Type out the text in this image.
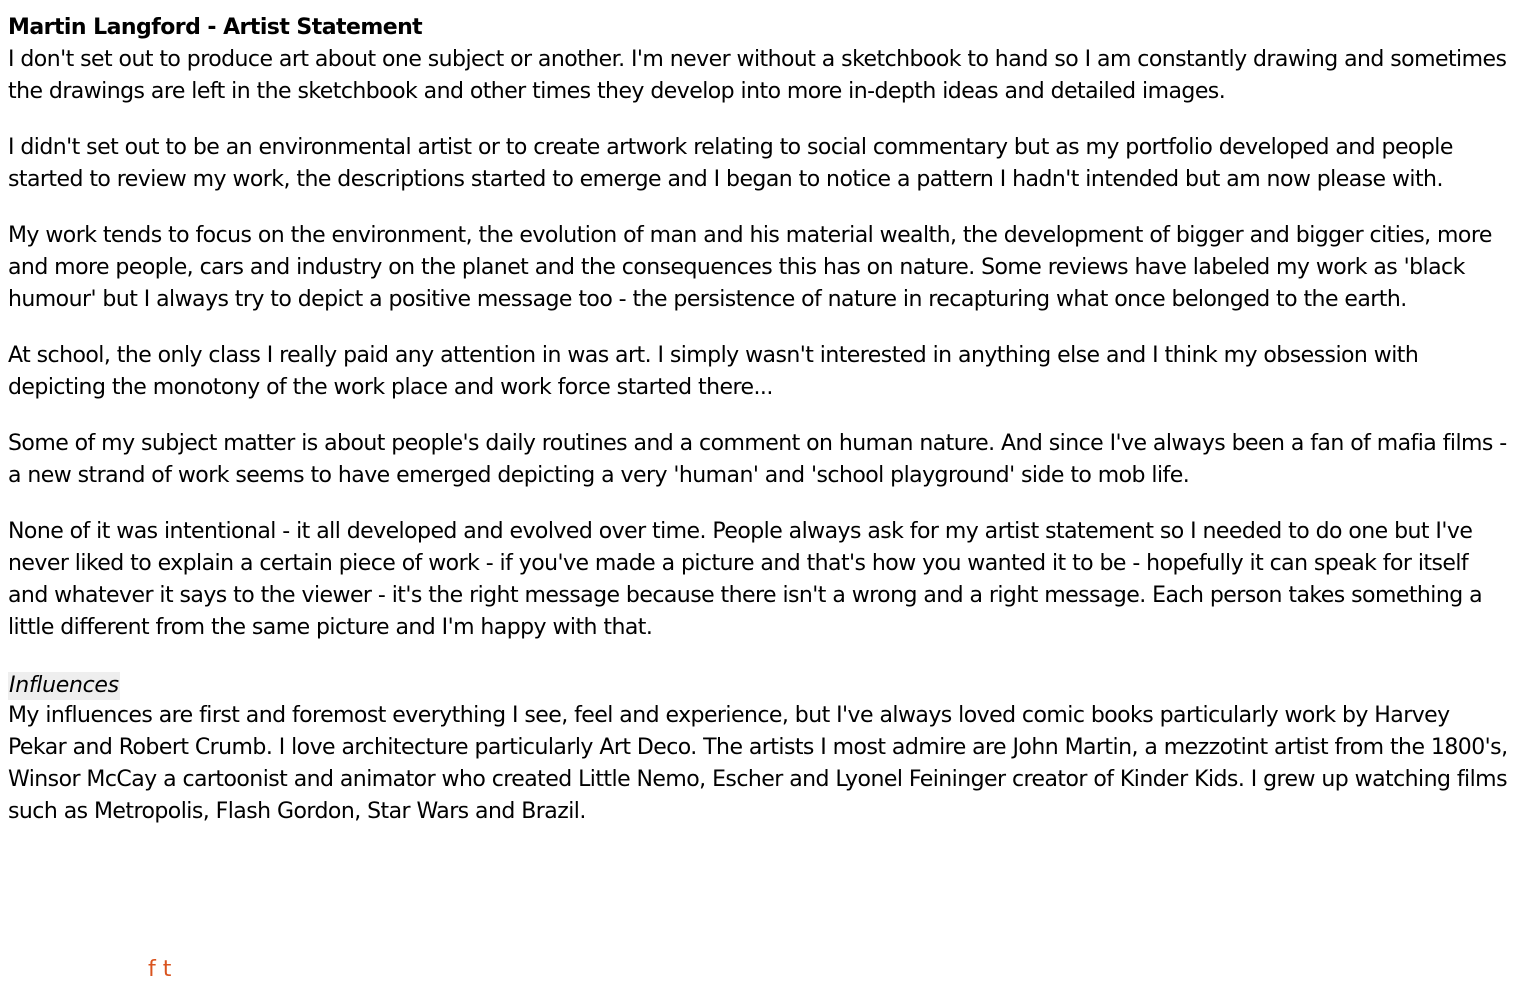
Martin Langford - Artist Statement

I don't set out to produce art about one subject or another. I'm never without a sketchbook to hand so I am constantly drawing and sometimes the drawings are left in the sketchbook and other times they develop into more in-depth ideas and detailed images.

I didn't set out to be an environmental artist or to create artwork relating to social commentary but as my portfolio developed and people started to review my work, the descriptions started to emerge and I began to notice a pattern I hadn't intended but am now please with.

My work tends to focus on the environment, the evolution of man and his material wealth, the development of bigger and bigger cities, more and more people, cars and industry on the planet and the consequences this has on nature. Some reviews have labeled my work as 'black humour' but I always try to depict a positive message too - the persistence of nature in recapturing what once belonged to the earth.

At school, the only class I really paid any attention in was art. I simply wasn't interested in anything else and I think my obsession with depicting the monotony of the work place and work force started there...

Some of my subject matter is about people's daily routines and a comment on human nature. And since I've always been a fan of mafia films - a new strand of work seems to have emerged depicting a very 'human' and 'school playground' side to mob life.

None of it was intentional - it all developed and evolved over time. People always ask for my artist statement so I needed to do one but I've never liked to explain a certain piece of work - if you've made a picture and that's how you wanted it to be - hopefully it can speak for itself and whatever it says to the viewer - it's the right message because there isn't a wrong and a right message. Each person takes something a little different from the same picture and I'm happy with that.

Influences

My influences are first and foremost everything I see, feel and experience, but I've always loved comic books particularly work by Harvey Pekar and Robert Crumb. I love architecture particularly Art Deco. The artists I most admire are John Martin, a mezzotint artist from the 1800's, Winsor McCay a cartoonist and animator who created Little Nemo, Escher and Lyonel Feininger creator of Kinder Kids. I grew up watching films such as Metropolis, Flash Gordon, Star Wars and Brazil.

f t
